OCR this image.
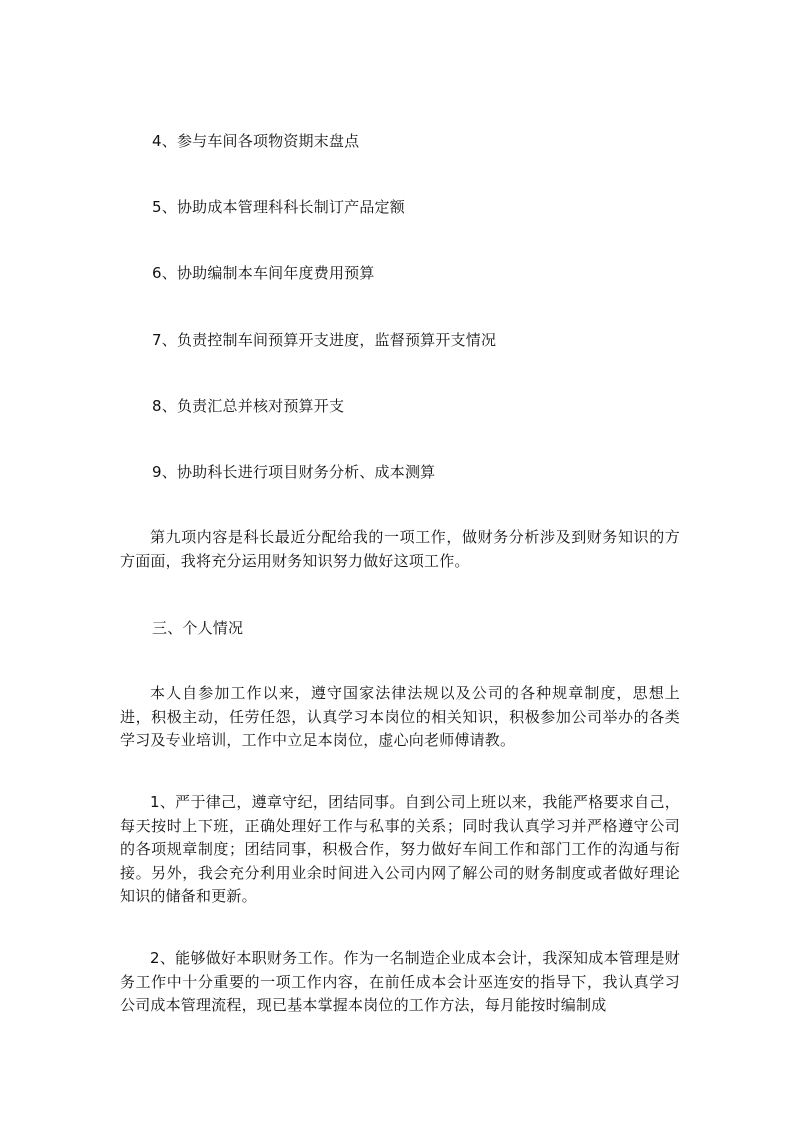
4、参与车间各项物资期末盘点
5、协助成本管理科科长制订产品定额
6、协助编制本车间年度费用预算
7、负责控制车间预算开支进度，监督预算开支情况
8、负责汇总并核对预算开支
9、协助科长进行项目财务分析、成本测算
第九项内容是科长最近分配给我的一项工作，做财务分析涉及到财务知识的方方面面，我将充分运用财务知识努力做好这项工作。
三、个人情况
本人自参加工作以来，遵守国家法律法规以及公司的各种规章制度，思想上进，积极主动，任劳任怨，认真学习本岗位的相关知识，积极参加公司举办的各类学习及专业培训，工作中立足本岗位，虚心向老师傅请教。
1、严于律己，遵章守纪，团结同事。自到公司上班以来，我能严格要求自己，每天按时上下班，正确处理好工作与私事的关系；同时我认真学习并严格遵守公司的各项规章制度；团结同事，积极合作，努力做好车间工作和部门工作的沟通与衔接。另外，我会充分利用业余时间进入公司内网了解公司的财务制度或者做好理论知识的储备和更新。
2、能够做好本职财务工作。作为一名制造企业成本会计，我深知成本管理是财务工作中十分重要的一项工作内容，在前任成本会计巫连安的指导下，我认真学习公司成本管理流程，现已基本掌握本岗位的工作方法，每月能按时编制成
